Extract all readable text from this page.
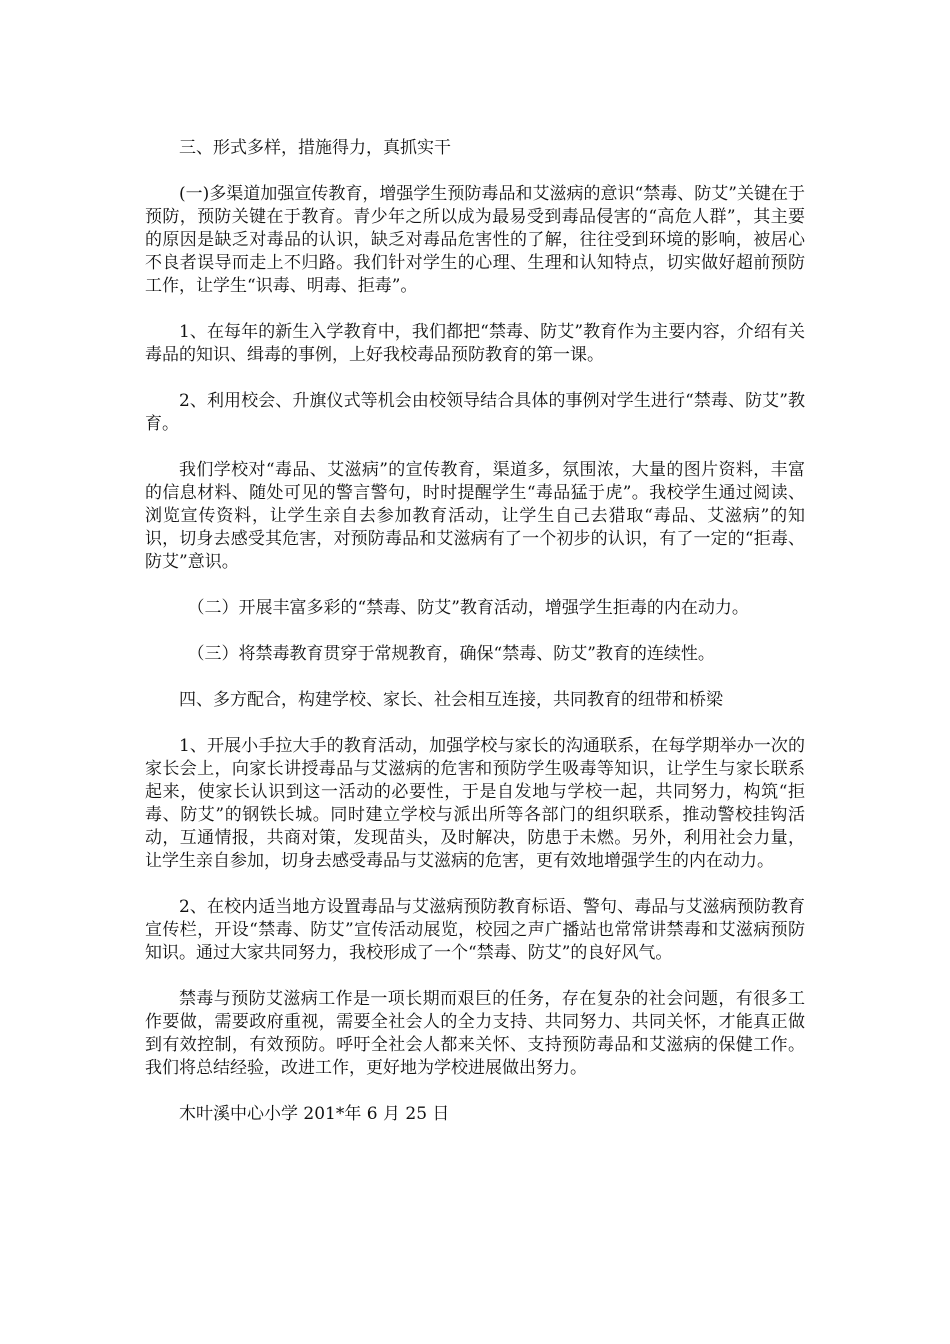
三、形式多样，措施得力，真抓实干

(一)多渠道加强宣传教育，增强学生预防毒品和艾滋病的意识“禁毒、防艾”关键在于预防，预防关键在于教育。青少年之所以成为最易受到毒品侵害的“高危人群”，其主要的原因是缺乏对毒品的认识，缺乏对毒品危害性的了解，往往受到环境的影响，被居心不良者误导而走上不归路。我们针对学生的心理、生理和认知特点，切实做好超前预防工作，让学生“识毒、明毒、拒毒”。

1、在每年的新生入学教育中，我们都把“禁毒、防艾”教育作为主要内容，介绍有关毒品的知识、缉毒的事例，上好我校毒品预防教育的第一课。

2、利用校会、升旗仪式等机会由校领导结合具体的事例对学生进行“禁毒、防艾”教育。

我们学校对“毒品、艾滋病”的宣传教育，渠道多，氛围浓，大量的图片资料，丰富的信息材料、随处可见的警言警句，时时提醒学生“毒品猛于虎”。我校学生通过阅读、浏览宣传资料，让学生亲自去参加教育活动，让学生自己去猎取“毒品、艾滋病”的知识，切身去感受其危害，对预防毒品和艾滋病有了一个初步的认识，有了一定的“拒毒、防艾”意识。

（二）开展丰富多彩的“禁毒、防艾”教育活动，增强学生拒毒的内在动力。

（三）将禁毒教育贯穿于常规教育，确保“禁毒、防艾”教育的连续性。

四、多方配合，构建学校、家长、社会相互连接，共同教育的纽带和桥梁

1、开展小手拉大手的教育活动，加强学校与家长的沟通联系，在每学期举办一次的家长会上，向家长讲授毒品与艾滋病的危害和预防学生吸毒等知识，让学生与家长联系起来，使家长认识到这一活动的必要性，于是自发地与学校一起，共同努力，构筑“拒毒、防艾”的钢铁长城。同时建立学校与派出所等各部门的组织联系，推动警校挂钩活动，互通情报，共商对策，发现苗头，及时解决，防患于未燃。另外，利用社会力量，让学生亲自参加，切身去感受毒品与艾滋病的危害，更有效地增强学生的内在动力。

2、在校内适当地方设置毒品与艾滋病预防教育标语、警句、毒品与艾滋病预防教育宣传栏，开设“禁毒、防艾”宣传活动展览，校园之声广播站也常常讲禁毒和艾滋病预防知识。通过大家共同努力，我校形成了一个“禁毒、防艾”的良好风气。

禁毒与预防艾滋病工作是一项长期而艰巨的任务，存在复杂的社会问题，有很多工作要做，需要政府重视，需要全社会人的全力支持、共同努力、共同关怀，才能真正做到有效控制，有效预防。呼吁全社会人都来关怀、支持预防毒品和艾滋病的保健工作。我们将总结经验，改进工作，更好地为学校进展做出努力。

木叶溪中心小学 201*年 6 月 25 日
